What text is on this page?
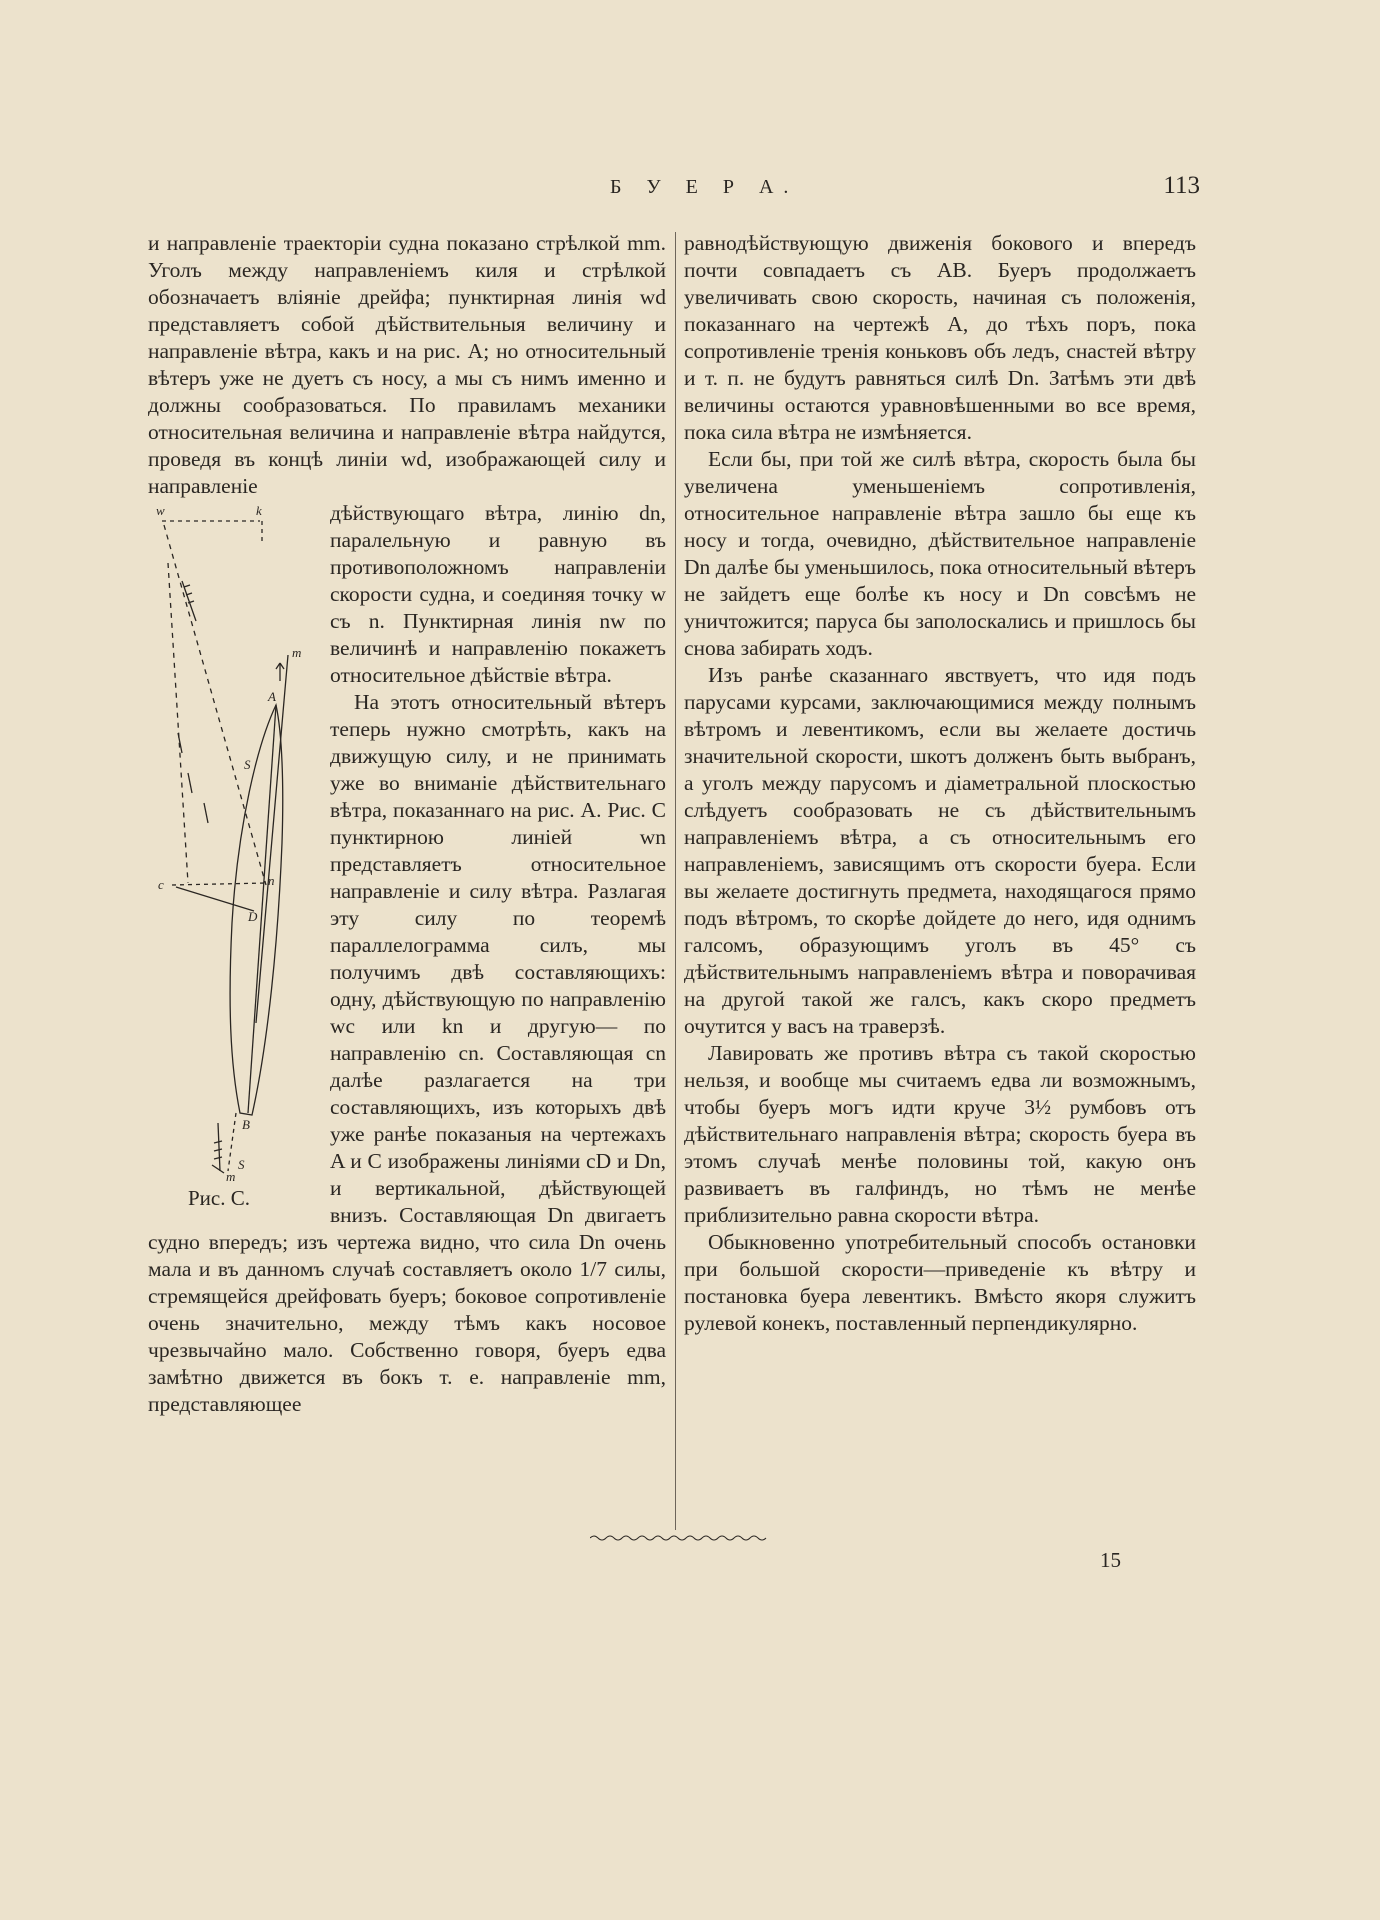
Б У Е Р А.	113

и направленіе траекторіи судна показано стрѣлкой mm. Уголъ между направленіемъ киля и стрѣлкой обозначаетъ вліяніе дрейфа; пунктирная линія wd представляетъ собой дѣйствительныя величину и направленіе вѣтра, какъ и на рис. A; но относительный вѣтеръ уже не дуетъ съ носу, а мы съ нимъ именно и должны сообразоваться. По правиламъ механики относительная величина и направленіе вѣтра найдутся, проведя въ концѣ линіи wd, изображающей силу и направленіе

w	k
m
A
S
c	n
D
B
S
m
Рис. C.

дѣйствующаго вѣтра, линію dn, паралельную и равную въ противоположномъ направленіи скорости судна, и соединяя точку w съ n. Пунктирная линія nw по величинѣ и направленію покажетъ относительное дѣйствіе вѣтра.

На этотъ относительный вѣтеръ теперь нужно смотрѣть, какъ на движущую силу, и не принимать уже во вниманіе дѣйствительнаго вѣтра, показаннаго на рис. A. Рис. C пунктирною линіей wn представляетъ относительное направленіе и силу вѣтра. Разлагая эту силу по теоремѣ параллелограмма силъ, мы получимъ двѣ составляющихъ: одну, дѣйствующую по направленію wc или kn и другую— по направленію cn. Составляющая cn далѣе разлагается на три составляющихъ, изъ которыхъ двѣ уже ранѣе показаныя на чертежахъ A и C изображены линіями cD и Dn, и вертикальной, дѣйствующей внизъ. Составляющая Dn двигаетъ судно впередъ; изъ чертежа видно, что сила Dn очень мала и въ данномъ случаѣ составляетъ около 1/7 силы, стремящейся дрейфовать буеръ; боковое сопротивленіе очень значительно, между тѣмъ какъ носовое чрезвычайно мало. Собственно говоря, буеръ едва замѣтно движется въ бокъ т. е. направленіе mm, представляющее

равнодѣйствующую движенія бокового и впередъ почти совпадаетъ съ AB. Буеръ продолжаетъ увеличивать свою скорость, начиная съ положенія, показаннаго на чертежѣ A, до тѣхъ поръ, пока сопротивленіе тренія коньковъ объ ледъ, снастей вѣтру и т. п. не будутъ равняться силѣ Dn. Затѣмъ эти двѣ величины остаются уравновѣшенными во все время, пока сила вѣтра не измѣняется.

Если бы, при той же силѣ вѣтра, скорость была бы увеличена уменьшеніемъ сопротивленія, относительное направленіе вѣтра зашло бы еще къ носу и тогда, очевидно, дѣйствительное направленіе Dn далѣе бы уменьшилось, пока относительный вѣтеръ не зайдетъ еще болѣе къ носу и Dn совсѣмъ не уничтожится; паруса бы заполоскались и пришлось бы снова забирать ходъ.

Изъ ранѣе сказаннаго явствуетъ, что идя подъ парусами курсами, заключающимися между полнымъ вѣтромъ и левентикомъ, если вы желаете достичь значительной скорости, шкотъ долженъ быть выбранъ, а уголъ между парусомъ и діаметральной плоскостью слѣдуетъ сообразовать не съ дѣйствительнымъ направленіемъ вѣтра, а съ относительнымъ его направленіемъ, зависящимъ отъ скорости буера. Если вы желаете достигнуть предмета, находящагося прямо подъ вѣтромъ, то скорѣе дойдете до него, идя однимъ галсомъ, образующимъ уголъ въ 45° съ дѣйствительнымъ направленіемъ вѣтра и поворачивая на другой такой же галсъ, какъ скоро предметъ очутится у васъ на траверзѣ.

Лавировать же противъ вѣтра съ такой скоростью нельзя, и вообще мы считаемъ едва ли возможнымъ, чтобы буеръ могъ идти круче 3½ румбовъ отъ дѣйствительнаго направленія вѣтра; скорость буера въ этомъ случаѣ менѣе половины той, какую онъ развиваетъ въ галфиндъ, но тѣмъ не менѣе приблизительно равна скорости вѣтра.

Обыкновенно употребительный способъ остановки при большой скорости—приведеніе къ вѣтру и постановка буера левентикъ. Вмѣсто якоря служитъ рулевой конекъ, поставленный перпендикулярно.

15
